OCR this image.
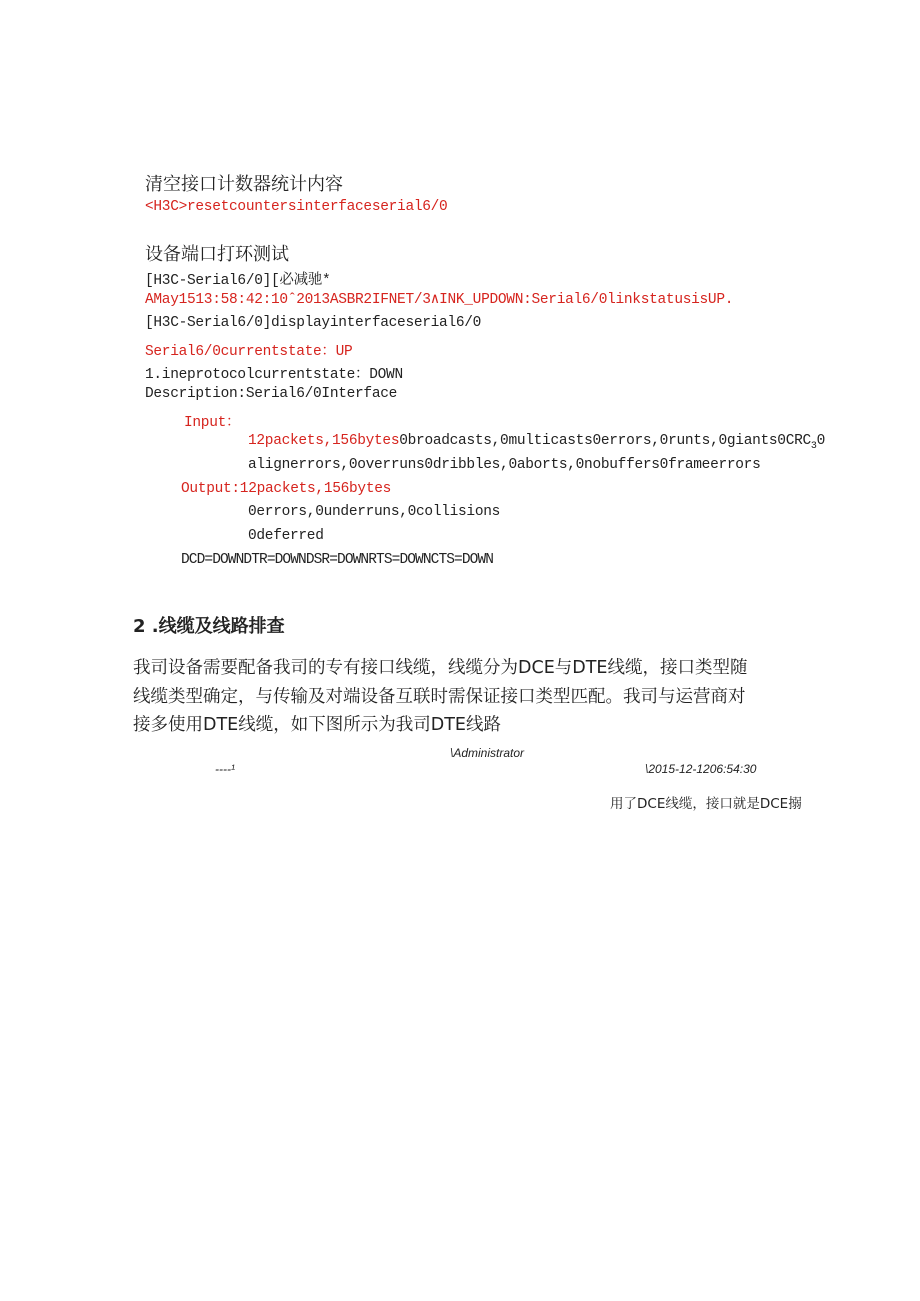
清空接口计数器统计内容
<H3C>resetcountersinterfaceserial6/0
设备端口打环测试
[H3C-Serial6/0][必减驰*
AMay1513:58:42:10ˆ2013ASBR2IFNET/3∧INK_UPDOWN:Serial6/0linkstatusisUP.
[H3C-Serial6/0]displayinterfaceserial6/0
Serial6/0currentstate：UP
1.ineprotocolcurrentstate：DOWN
Description:Serial6/0Interface
Input：
$12packets,156bytes0broadcasts,0multicasts0errors,0runts,0giants0CRC_30$
alignerrors,0overruns0dribbles,0aborts,0nobuffers0frameerrors
Output:12packets,156bytes
0errors,0underruns,0collisions
0deferred
DCD=DOWNDTR=DOWNDSR=DOWNRTS=DOWNCTS=DOWN
2 .线缆及线路排查
我司设备需要配备我司的专有接口线缆，线缆分为DCE与DTE线缆，接口类型随
线缆类型确定，与传输及对端设备互联时需保证接口类型匹配。我司与运营商对
接多使用DTE线缆，如下图所示为我司DTE线路
\Administrator
----¹	\2015-12-1206:54:30
用了DCE线缆，接口就是DCE搦
